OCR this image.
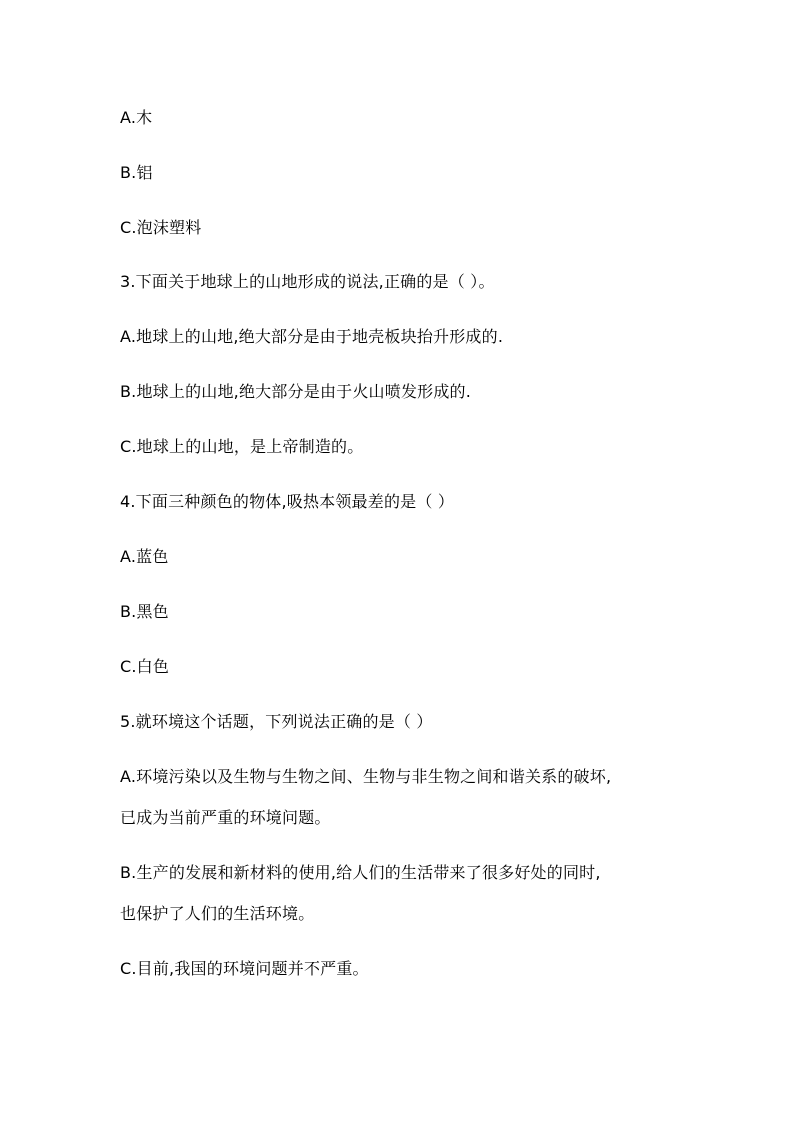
A.木

B.铝

C.泡沫塑料

3.下面关于地球上的山地形成的说法,正确的是（ ）。

A.地球上的山地,绝大部分是由于地壳板块抬升形成的.

B.地球上的山地,绝大部分是由于火山喷发形成的.

C.地球上的山地，是上帝制造的。

4.下面三种颜色的物体,吸热本领最差的是（ ）

A.蓝色

B.黑色

C.白色

5.就环境这个话题，下列说法正确的是（ ）

A.环境污染以及生物与生物之间、生物与非生物之间和谐关系的破坏,

已成为当前严重的环境问题。

B.生产的发展和新材料的使用,给人们的生活带来了很多好处的同时,

也保护了人们的生活环境。

C.目前,我国的环境问题并不严重。
